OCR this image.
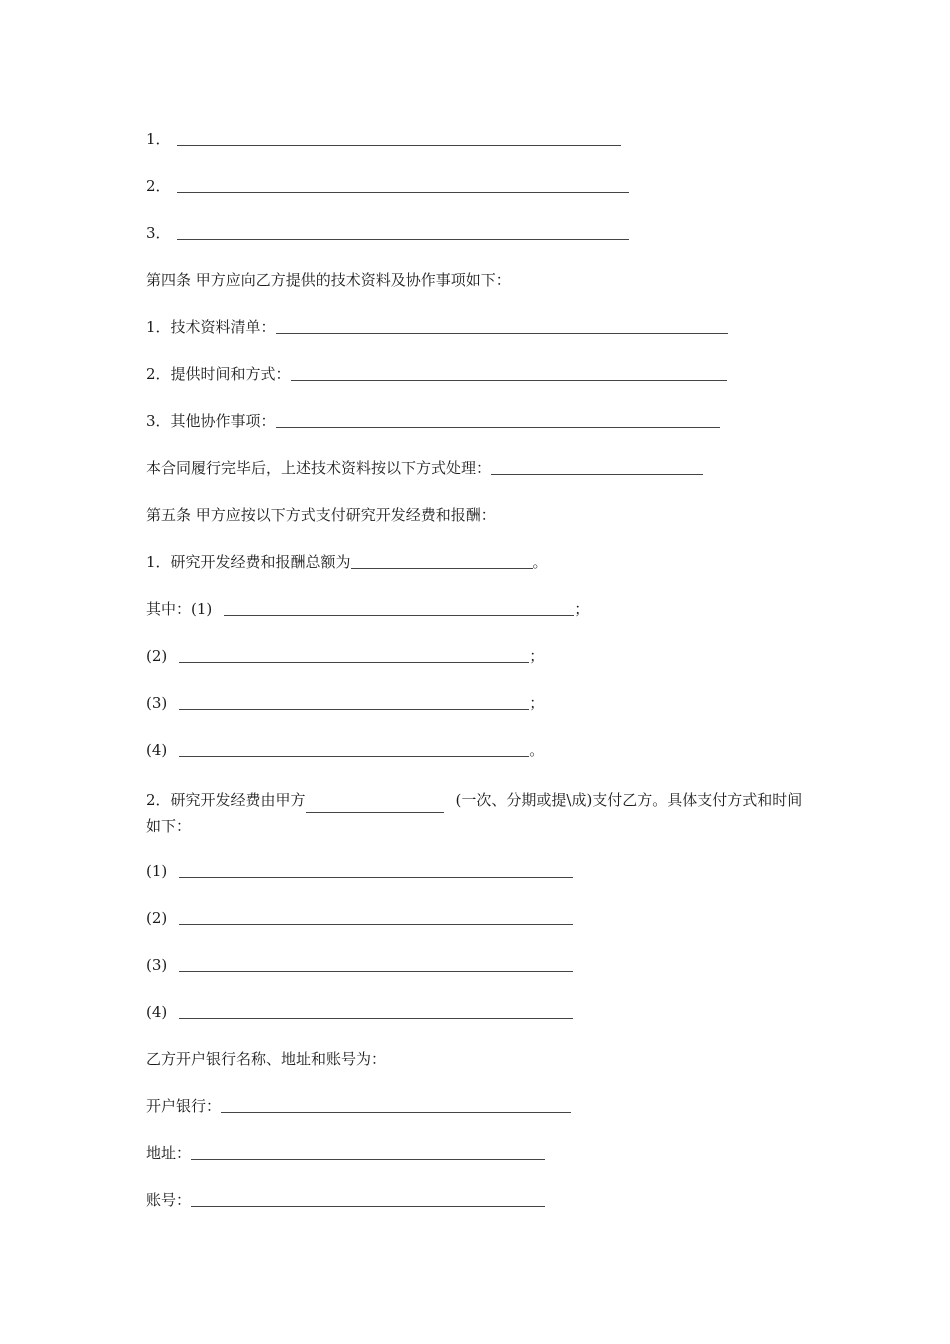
1．
2．
3．
第四条 甲方应向乙方提供的技术资料及协作事项如下：
1．技术资料清单：
2．提供时间和方式：
3．其他协作事项：
本合同履行完毕后，上述技术资料按以下方式处理：
第五条 甲方应按以下方式支付研究开发经费和报酬：
1．研究开发经费和报酬总额为	。
其中：(1)	；
(2)	；
(3)	；
(4)	。
2．研究开发经费由甲方	(一次、分期或提\成)支付乙方。具体支付方式和时间如下：
(1)
(2)
(3)
(4)
乙方开户银行名称、地址和账号为：
开户银行：
地址：
账号：
